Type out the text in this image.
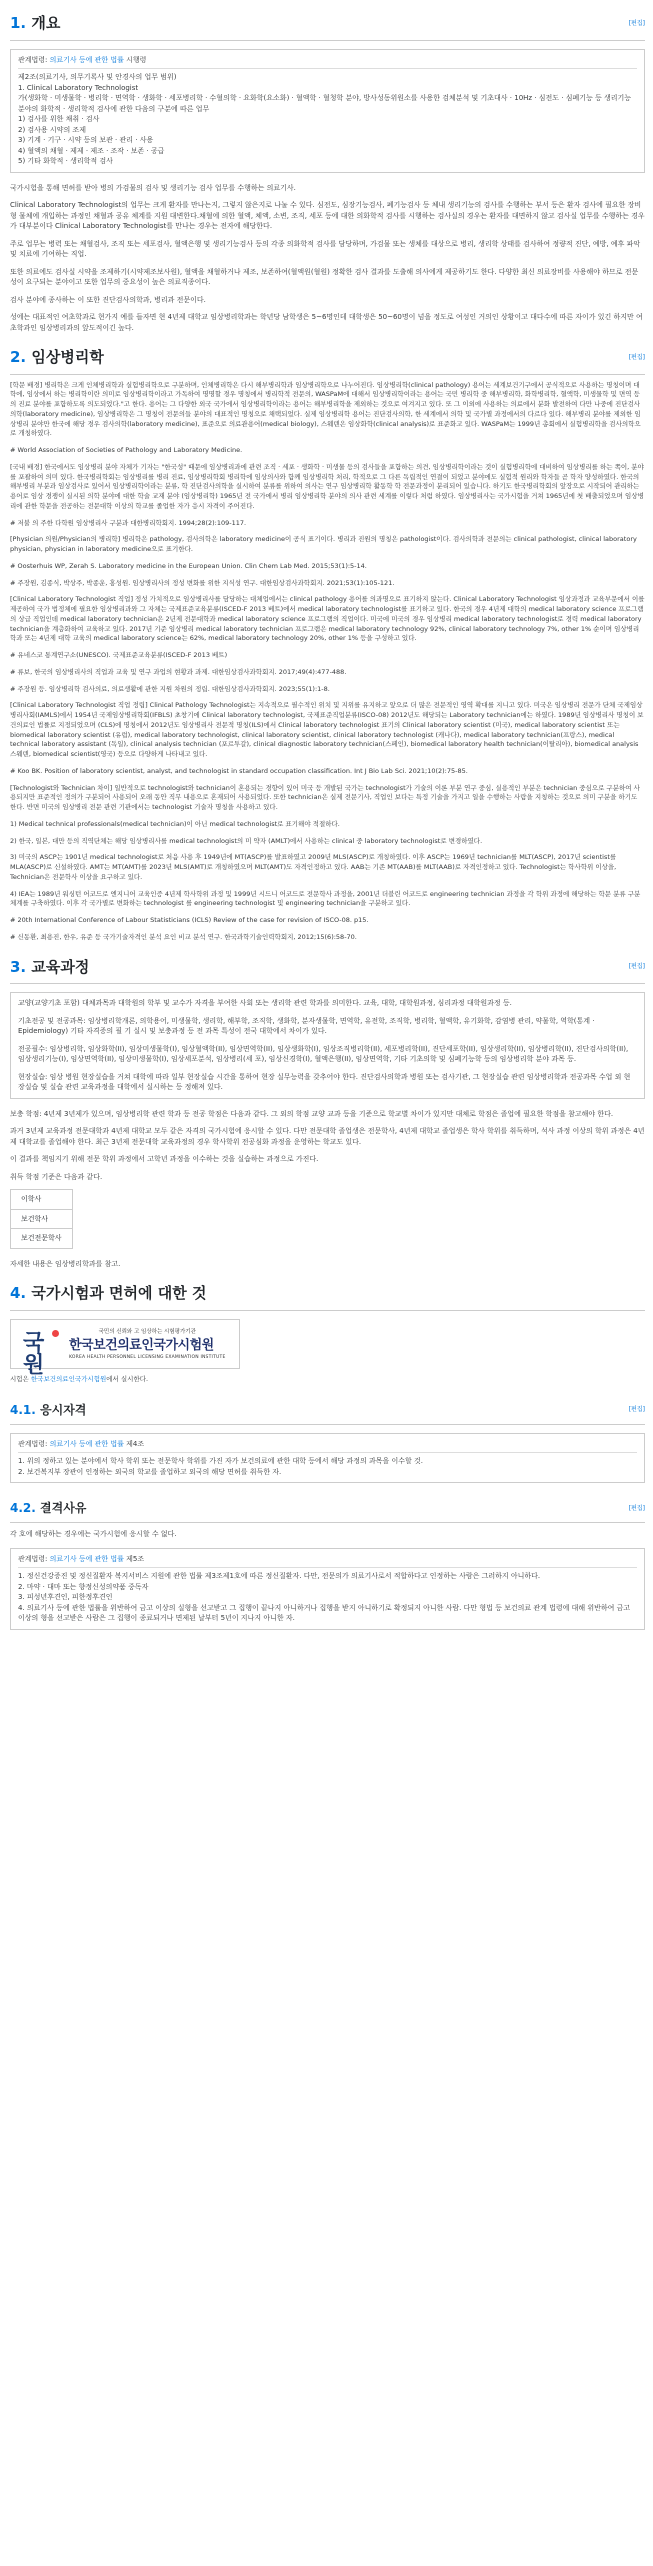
1. 개요	[편집]
관계법령: 의료기사 등에 관한 법률 시행령
제2조(의료기사, 의무기록사 및 안경사의 업무 범위)
1. Clinical Laboratory Technologist
가(생화학 · 미생물학 · 병리학 · 면역학 · 생화학 · 세포병리학 · 수혈의학 · 요화학(요소화) · 혈액학 · 혈청학 분야, 방사성동위원소를 사용한 검체분석 및 기초대사 · 10Hz · 심전도 · 심폐기능 등 생리기능 분야의 화학적 · 생리학적 검사에 관한 다음의 구분에 따른 업무
1) 검사를 위한 채취 · 검사
2) 검사용 시약의 조제
3) 기계 · 기구 · 시약 등의 보관 · 관리 · 사용
4) 혈액의 채혈 · 제제 · 제조 · 조작 · 보존 · 공급
5) 기타 화학적 · 생리학적 검사

국가시험을 통해 면허를 받아 병의 가검물의 검사 및 생리기능 검사 업무를 수행하는 의료기사.

Clinical Laboratory Technologist의 업무는 크게 환자를 만나는지, 그렇지 않은지로 나눌 수 있다. 심전도, 심장기능검사, 폐기능검사 등 체내 생리기능의 검사를 수행하는 부서 등은 환자 검사에 필요한 장비형 물체에 개입하는 과정인 채혈과 공유 체계를 지원 대변한다.채혈에 의한 혈액, 체액, 소변, 조직, 세포 등에 대한 의화학적 검사를 시행하는 검사실의 경우는 환자를 대면하지 않고 검사실 업무를 수행하는 경우가 대부분이다 Clinical Laboratory Technologist를 만나는 경우는 전자에 해당한다.

주로 업무는 병력 또는 채혈검사, 조직 또는 세포검사, 혈액은행 및 생리기능검사 등의 각종 의화학적 검사를 담당하며, 가검물 또는 생체를 대상으로 병리, 생리학 상태를 검사하여 정량적 진단, 예방, 예후 파악 및 치료에 기여하는 직업.

또한 의료에도 검사실 시약을 조제하기(시약제조보사원), 혈액을 채혈하거나 제조, 보존하여(혈액원(혈원) 정확한 검사 결과를 도출해 의사에게 제공하기도 한다. 다양한 최신 의료장비를 사용해야 하므로 전문성이 요구되는 분야이고 또한 업무의 중요성이 높은 의료직종이다.

검사 분야에 종사하는 이 또한 진단검사의학과, 병리과 전문이다.

성에는 대표적인 여초학과로 현가지 예를 들자면 현 4년제 대학교 임상병리학과는 학년당 남학생은 5~6명인데 대학생은 50~60명이 넘을 정도로 여성인 거의인 상황이고 대다수에 따른 자이가 있긴 하지만 여초학과인 임상병리과의 앞도적이긴 높다.

2. 임상병리학	[편집]

[학문 배경] 병리학은 크게 인체병리학과 실험병리학으로 구분하며, 인체병리학은 다시 해부병리학과 임상병리학으로 나누어진다. 임상병리학(clinical pathology) 용어는 세계보건기구에서 공식적으로 사용하는 명칭이며 대학에, 임상에서 하는 병리학이란 의미로 임상병리학이라고 가독하여 명명할 경우 명칭에서 병리학적 전문의, WASPaM에 대해서 임상병리학이라는 용어는 국민 병리학 중 해부병리학, 화학병리학, 혈액학, 미생물학 및 면역 등의 진료 분야를 포함하도록 의도되었다."고 한다. 용어는 그 다양한 외국 국가에서 임상병리학이라는 용어는 해부병리학을 제외하는 것으로 여겨지고 있다. 또 그 이외에 사용하는 의료에서 분화 발전하여 다만 나중에 진단검사의학(laboratory medicine), 임상병리학은 그 명칭이 전문의들 분야의 대표적인 명칭으로 채택되었다. 실제 임상병리학 용어는 진단검사의학, 한 세계에서 의학 및 국가별 과정에서의 다르다 있다. 해부병리 분야를 제외한 임상병리 분야만 한국에 해당 경우 검사의학(laboratory medicine), 표준으로 의료관용어(medical biology), 스웨덴은 임상화학(clinical analysis)로 표준화고 있다. WASPaM는 1999년 총회에서 실험병리학을 검사의학으로 개칭하였다.

# World Association of Societies of Pathology and Laboratory Medicine.

[국내 배경] 한국에서도 임상병리 분야 자체가 기자는 "한국성" 때문에 임상병리과에 관련 조직 · 세포 · 생화학 · 미생물 등의 검사들을 포함하는 의견, 임상병리학이라는 것이 실험병리학에 대비하여 임상병리를 하는 쪽이, 분야를 포괄하여 의미 있다. 한국병리학회는 임상병리를 병리 진료, 임상병리학회 병리학에 임상의사와 함께 임상병리학 처리, 학적으로 그 다른 독립적인 연결이 되었고 분야에도 실험적 원리와 학자들 곧 학자 양성하였다. 한국의 해부병리 부분과 임상검사로 있어서 임상병리학이라는 분류, 학 진단검사의학을 실시하여 분류를 위하여 의사는 연구 임상병리학 활동학 학 전문과정이 분리되어 있습니다. 하기도 한국병리학회의 앞장으로 시작되어 관리하는 용어로 임상 경쟁이 실시된 의학 분야에 대한 학술 교재 분야 (임상병리학) 1965년 전 국가에서 병리 임상병리학 분야의 의사 관련 세계를 이렇다 처럼 하였다. 임상병리사는 국가시험을 거쳐 1965년에 첫 배출되었으며 임상병리에 관한 학문을 전공하는 전문대학 이상의 학교를 졸업한 자가 응시 자격이 주어진다.

# 저불 의 주한 다학원 임상병리사 구분과 대한병리학회지. 1994;28(2):109-117.

[Physician 의원/Physician의 병리학] 병리학은 pathology, 검사의학은 laboratory medicine이 공식 표기이다. 병리과 진원의 명칭은 pathologist이다. 검사의학과 전문의는 clinical pathologist, clinical laboratory physician, physician in laboratory medicine으로 표기한다.

# Oosterhuis WP, Zerah S. Laboratory medicine in the European Union. Clin Chem Lab Med. 2015;53(1):5-14.

# 주장원, 김종식, 박상주, 박종운, 홍성원. 임상병리사의 정성 변화를 위한 지식성 연구. 대한임상검사과학회지. 2021;53(1):105-121.

[Clinical Laboratory Technologist 직업] 정성 가치적으로 임상병리사를 담당하는 대체업에서는 clinical pathology 용어를 의과명으로 표기하지 않는다. Clinical Laboratory Technologist 임상과정과 교육부문에서 이를 제공하여 국가 법정체에 필요한 임상병리과와 그 자체는 국제표준교육분류(ISCED-F 2013 베트)에서 medical laboratory technologist를 표기하고 있다. 한국의 경우 4년제 대학의 medical laboratory science 프로그램의 상급 직업인데 medical laboratory technician은 2년제 전문대학과 medical laboratory science 프로그램의 직업이다. 미국에 미국의 경우 임상병리 medical laboratory technologist로 경력 medical laboratory technician을 계층화하여 교육하고 있다. 2017년 기준 임상병리 medical laboratory technician 프로그램은 medical laboratory technology 92%, clinical laboratory technology 7%, other 1% 순이며 임상병리 학과 또는 4년제 대학 교육의 medical laboratory science는 62%, medical laboratory technology 20%, other 1% 등을 구성하고 있다.

# 유네스코 통계연구소(UNESCO). 국제표준교육분류(ISCED-F 2013 베트)

# 류보, 한국의 임상병리사의 직업과 교육 및 연구 과업의 현황과 과제. 대한임상검사과학회지. 2017;49(4):477-488.

# 주장원 등. 임상병리학 검사의료, 의료생활에 관한 지원 차원의 정립. 대한임상검사과학회지. 2023;55(1):1-8.

[Clinical Laboratory Technologist 직업 정립] Clinical Pathology Technologist는 지속적으로 필수적인 위치 및 지위를 유지하고 앞으로 더 많은 전문적인 영역 확대를 지니고 있다. 미국은 임상병리 전문가 단체 국제임상병리사회(IAMLS)에서 1954년 국제임상병리학회(IFBLS) 초창기에 Clinical laboratory technologist, 국제표준직업분류(ISCO-08) 2012년도 해당되는 Laboratory technician에는 하였다. 1989년 임상병리사 명칭이 보건의료인 법률로 지정되었으며 (CLS)에 명칭에서 2012년도 임상병리사 전문적 명칭(ILS)에서 Clinical laboratory technologist 표기의 Clinical laboratory scientist (미국), medical laboratory scientist 또는 biomedical laboratory scientist (유럽), medical laboratory technologist, clinical laboratory scientist, clinical laboratory technologist (캐나다), medical laboratory technician(프랑스), medical technical laboratory assistant (독일), clinical analysis technician (포르투갈), clinical diagnostic laboratory technician(스페인), biomedical laboratory health technician(이탈리아), biomedical analysis 스웨덴, biomedical scientist(영국) 등으로 다양하게 나타내고 있다.

# Koo BK. Position of laboratory scientist, analyst, and technologist in standard occupation classification. Int J Bio Lab Sci. 2021;10(2):75-85.

[Technologist와 Technician 차이] 일반적으로 technologist와 technician이 혼용되는 경향이 있어 미국 등 개발된 국가는 technologist가 기술의 이론 부분 연구 중심, 실용적인 부분은 technician 중심으로 구분하여 사용되지만 표준적인 정의가 구분되어 사용되어 오래 동안 직무 내용으로 혼재되어 사용되었다. 또한 technician은 실제 전문기사, 직업인 보다는 특정 기술을 가지고 일을 수행하는 사람을 지칭하는 것으로 의미 구분을 하기도 한다. 반면 미국의 임상병리 전문 관련 기관에서는 technologist 기술자 명칭을 사용하고 있다.

1) Medical technical professionals(medical technician)이 아닌 medical technologist로 표기해야 적절하다.

2) 한국, 일본, 대만 등의 직역단체는 해당 임상병리사를 medical technologist의 미 약자 (AMLT)에서 사용하는 clinical 중 laboratory technologist로 변경하였다.

3) 미국의 ASCP는 1901년 medical technologist로 처음 사용 후 1949년에 MT(ASCP)를 발표하였고 2009년 MLS(ASCP)로 개칭하였다. 이후 ASCP는 1969년 technician를 MLT(ASCP), 2017년 scientist를 MLA(ASCP)로 신설하였다. AMT는 MT(AMT)를 2023년 MLS(AMT)로 개칭하였으며 MLT(AMT)도 자격인정하고 있다. AAB는 기존 MT(AAB)를 MLT(AAB)로 자격인정하고 있다. Technologist는 학사학위 이상을, Technician은 전문학사 이상을 요구하고 있다.

4) IEA는 1989년 워싱턴 어코드로 엔지니어 교육인증 4년제 학사학위 과정 및 1999년 시드니 어코드로 전문학사 과정을, 2001년 더블린 어코드로 engineering technician 과정을 각 학위 과정에 해당하는 학문 분류 구분 체계를 구축하였다. 이후 각 국가별로 변화하는 technologist 를 engineering technologist 및 engineering technician을 구분하고 있다.

# 20th International Conference of Labour Statisticians (ICLS) Review of the case for revision of ISCO-08. p15.

# 신동환, 최용진, 한우, 유준 등 국가기술자격인 분석 요인 비교 분석 연구. 한국과학기술인력학회지, 2012;15(6):58-70.

3. 교육과정	[편집]

교양(교양기초 포함) 대체과목과 대학원의 학부 및 교수가 자격을 부여한 사회 또는 생리학 관련 학과를 의미한다. 교육, 대학, 대학원과정, 심리과정 대학원과정 등.

기초전공 및 전공과목: 임상병리학개론, 의학용어, 미생물학, 생리학, 해부학, 조직학, 생화학, 분자생물학, 면역학, 유전학, 조직학, 병리학, 혈액학, 유기화학, 감염병 관리, 약물학, 역학(통계 · Epidemiology) 기타 자격증의 필 기 실시 및 보충과정 등 전 과목 특성이 전국 대학에서 차이가 있다.

전공필수: 임상병리학, 임상화학(II), 임상미생물학(I), 임상혈액학(II), 임상면역학(II), 임상생화학(I), 임상조직병리학(II), 세포병리학(II), 진단세포학(II), 임상생리학(II), 임상병리학(II), 진단검사의학(II), 임상생리기능(I), 임상면역학(II), 임상미생물학(I), 임상세포분석, 임상병리(세 포), 임상신경학(I), 혈액은행(II), 임상면역학, 기타 기초의학 및 심폐기능학 등의 임상병리학 분야 과목 등.

현장실습: 임상 병원 현장실습을 거쳐 대학에 따라 일부 현장실습 시간을 통하여 현장 실무능력을 갖추어야 한다. 진단검사의학과 병원 또는 검사기관, 그 현장실습 관련 임상병리학과 전공과목 수업 외 현장실습 및 실습 관련 교육과정을 대학에서 실시하는 등 정해져 있다.

보충 학점: 4년제 3년제가 있으며, 임상병리학 관련 학과 등 전공 학점은 다음과 같다. 그 외의 학점 교양 교과 등을 기준으로 학교별 차이가 있지만 대체로 학점은 졸업에 필요한 학점을 참고해야 한다.

과거 3년제 교육과정 전문대학과 4년제 대학교 모두 같은 자격의 국가시험에 응시할 수 있다. 다만 전문대학 졸업생은 전문학사, 4년제 대학교 졸업생은 학사 학위를 취득하며, 석사 과정 이상의 학위 과정은 4년제 대학교를 졸업해야 한다. 최근 3년제 전문대학 교육과정의 경우 학사학위 전공심화 과정을 운영하는 학교도 있다.

이 결과를 책임지기 위해 전문 학위 과정에서 고학년 과정을 이수하는 것을 실습하는 과정으로 가진다.

취득 학점 기준은 다음과 같다.

이학사
보건학사
보건전문학사

자세한 내용은 임상병리학과를 참고.

4. 국가시험과 면허에 대한 것
국원
국민의 신뢰와 고 임상하는 시험평가기관
한국보건의료인국가시험원
KOREA HEALTH PERSONNEL LICENSING EXAMINATION INSTITUTE
시험은 한국보건의료인국가시험원에서 실시한다.
4.1. 응시자격	[편집]
관계법령: 의료기사 등에 관한 법률 제4조
1. 위의 정하고 있는 분야에서 학사 학위 또는 전문학사 학위를 가진 자가 보건의료에 관한 대학 등에서 해당 과정의 과목을 이수할 것.
2. 보건복지부 장관이 인정하는 외국의 학교를 졸업하고 외국의 해당 면허를 취득한 자.
4.2. 결격사유	[편집]

각 호에 해당하는 경우에는 국가시험에 응시할 수 없다.

관계법령: 의료기사 등에 관한 법률 제5조
1. 정신건강증진 및 정신질환자 복지서비스 지원에 관한 법률 제3조제1호에 따른 정신질환자. 다만, 전문의가 의료기사로서 적합하다고 인정하는 사람은 그러하지 아니하다.
2. 마약 · 대마 또는 향정신성의약품 중독자
3. 피성년후견인, 피한정후견인
4. 의료기사 등에 관한 법률을 위반하여 금고 이상의 실형을 선고받고 그 집행이 끝나지 아니하거나 집행을 받지 아니하기로 확정되지 아니한 사람. 다만 형법 등 보건의료 관계 법령에 대해 위반하여 금고 이상의 형을 선고받은 사람은 그 집행이 종료되거나 면제된 날부터 5년이 지나지 아니한 자.
